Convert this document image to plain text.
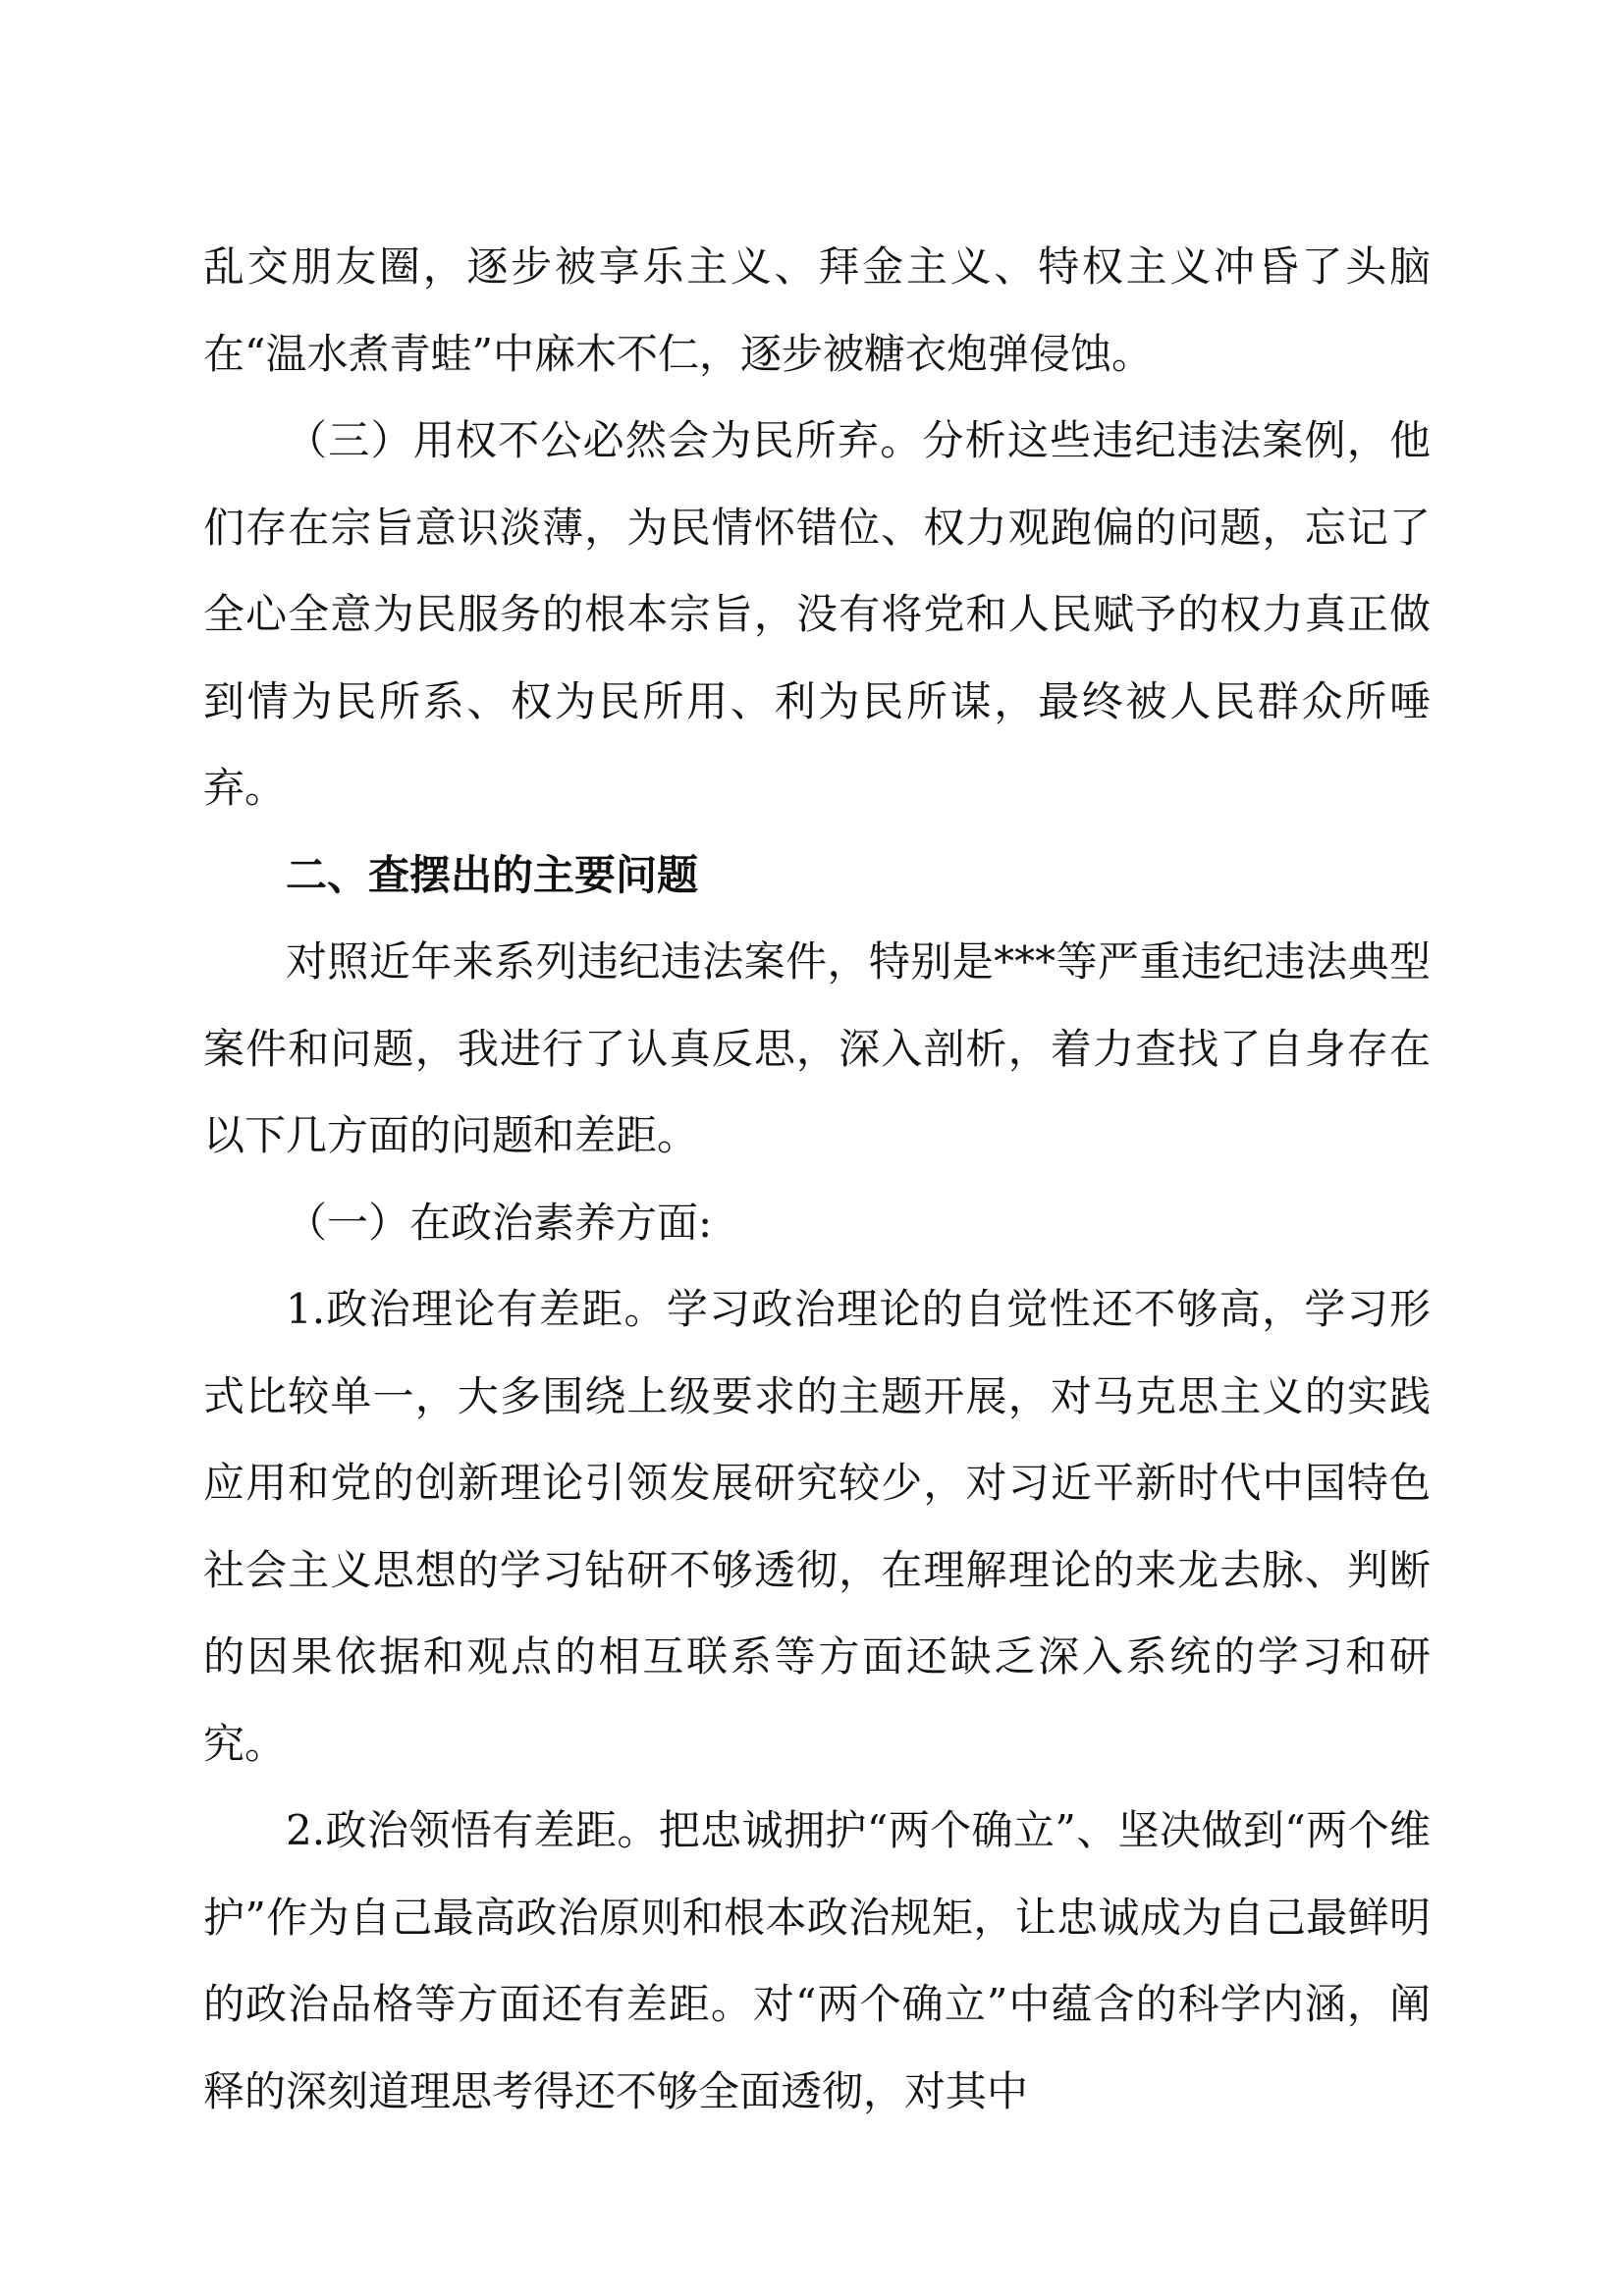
乱交朋友圈，逐步被享乐主义、拜金主义、特权主义冲昏了头脑在“温水煮青蛙”中麻木不仁，逐步被糖衣炮弹侵蚀。

（三）用权不公必然会为民所弃。分析这些违纪违法案例，他们存在宗旨意识淡薄，为民情怀错位、权力观跑偏的问题，忘记了全心全意为民服务的根本宗旨，没有将党和人民赋予的权力真正做到情为民所系、权为民所用、利为民所谋，最终被人民群众所唾弃。

二、查摆出的主要问题

对照近年来系列违纪违法案件，特别是***等严重违纪违法典型案件和问题，我进行了认真反思，深入剖析，着力查找了自身存在以下几方面的问题和差距。

（一）在政治素养方面:

1.政治理论有差距。学习政治理论的自觉性还不够高，学习形式比较单一，大多围绕上级要求的主题开展，对马克思主义的实践应用和党的创新理论引领发展研究较少，对习近平新时代中国特色社会主义思想的学习钻研不够透彻，在理解理论的来龙去脉、判断的因果依据和观点的相互联系等方面还缺乏深入系统的学习和研究。

2.政治领悟有差距。把忠诚拥护“两个确立”、坚决做到“两个维护”作为自己最高政治原则和根本政治规矩，让忠诚成为自己最鲜明的政治品格等方面还有差距。对“两个确立”中蕴含的科学内涵，阐释的深刻道理思考得还不够全面透彻，对其中
